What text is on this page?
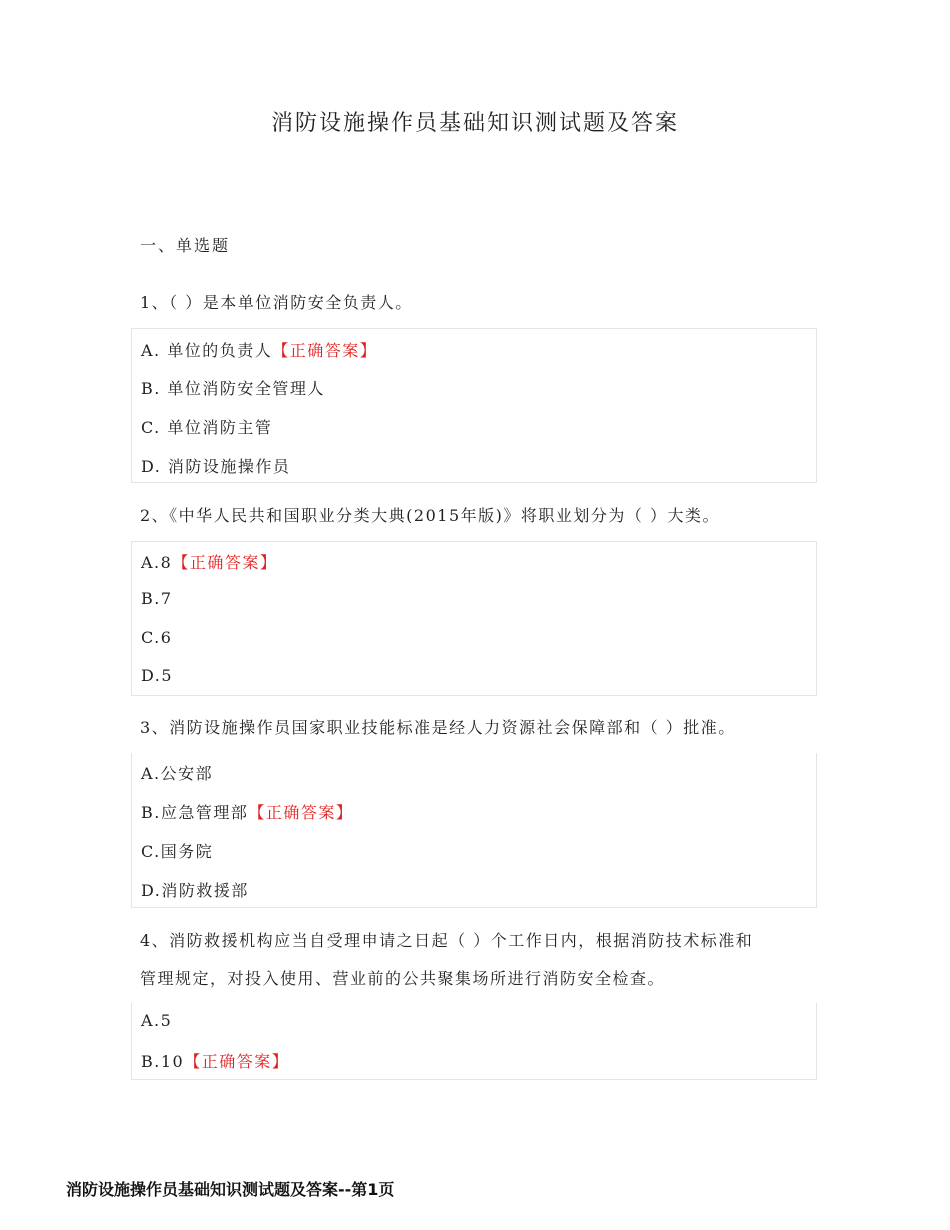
消防设施操作员基础知识测试题及答案
一、单选题
1、（ ）是本单位消防安全负责人。
A. 单位的负责人【正确答案】
B. 单位消防安全管理人
C. 单位消防主管
D. 消防设施操作员
2、《中华人民共和国职业分类大典(2015年版)》将职业划分为（ ）大类。
A.8【正确答案】
B.7
C.6
D.5
3、消防设施操作员国家职业技能标准是经人力资源社会保障部和（ ）批准。
A.公安部
B.应急管理部【正确答案】
C.国务院
D.消防救援部
4、消防救援机构应当自受理申请之日起（ ）个工作日内，根据消防技术标准和
管理规定，对投入使用、营业前的公共聚集场所进行消防安全检查。
A.5
B.10【正确答案】
消防设施操作员基础知识测试题及答案--第1页
